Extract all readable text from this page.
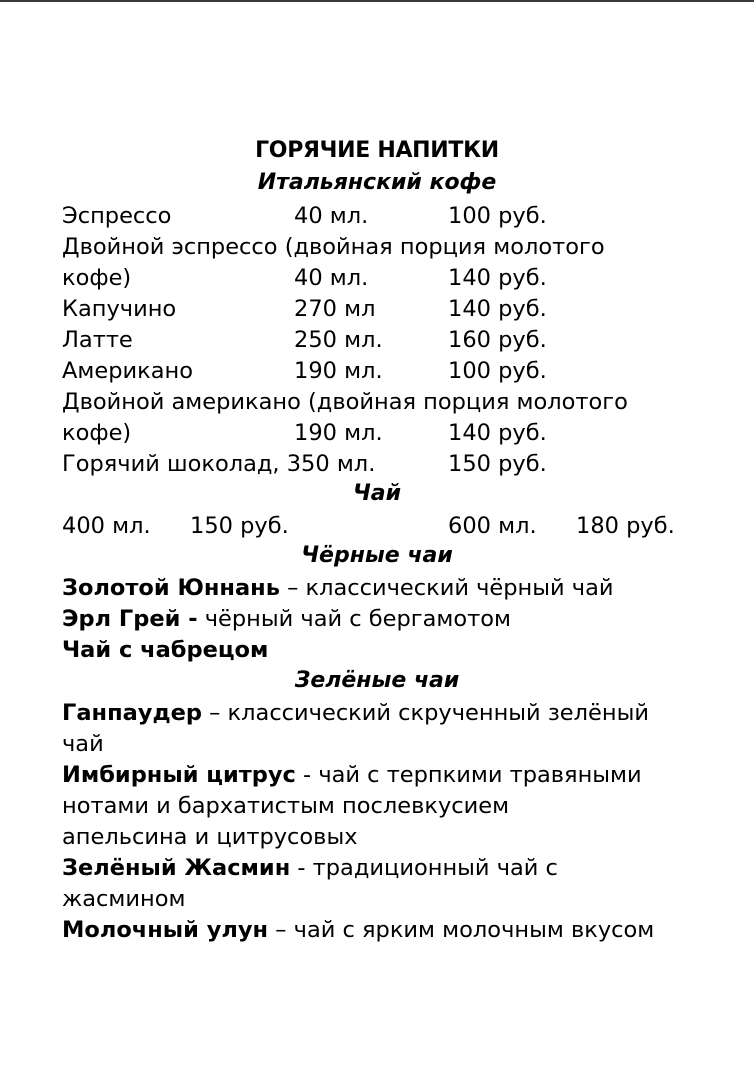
ГОРЯЧИЕ НАПИТКИ
Итальянский кофе
Эспрессо	40 мл.	100 руб.
Двойной эспрессо (двойная порция молотого
кофе)	40 мл.	140 руб.
Капучино	270 мл	140 руб.
Латте	250 мл.	160 руб.
Американо	190 мл.	100 руб.
Двойной американо (двойная порция молотого
кофе)	190 мл.	140 руб.
Горячий шоколад, 350 мл.	150 руб.
Чай
400 мл. 150 руб.	600 мл. 180 руб.
Чёрные чаи
Золотой Юннань – классический чёрный чай
Эрл Грей - чёрный чай с бергамотом
Чай с чабрецом
Зелёные чаи
Ганпаудер – классический скрученный зелёный
чай
Имбирный цитрус - чай с терпкими травяными
нотами и бархатистым послевкусием
апельсина и цитрусовых
Зелёный Жасмин - традиционный чай с
жасмином
Молочный улун – чай с ярким молочным вкусом
